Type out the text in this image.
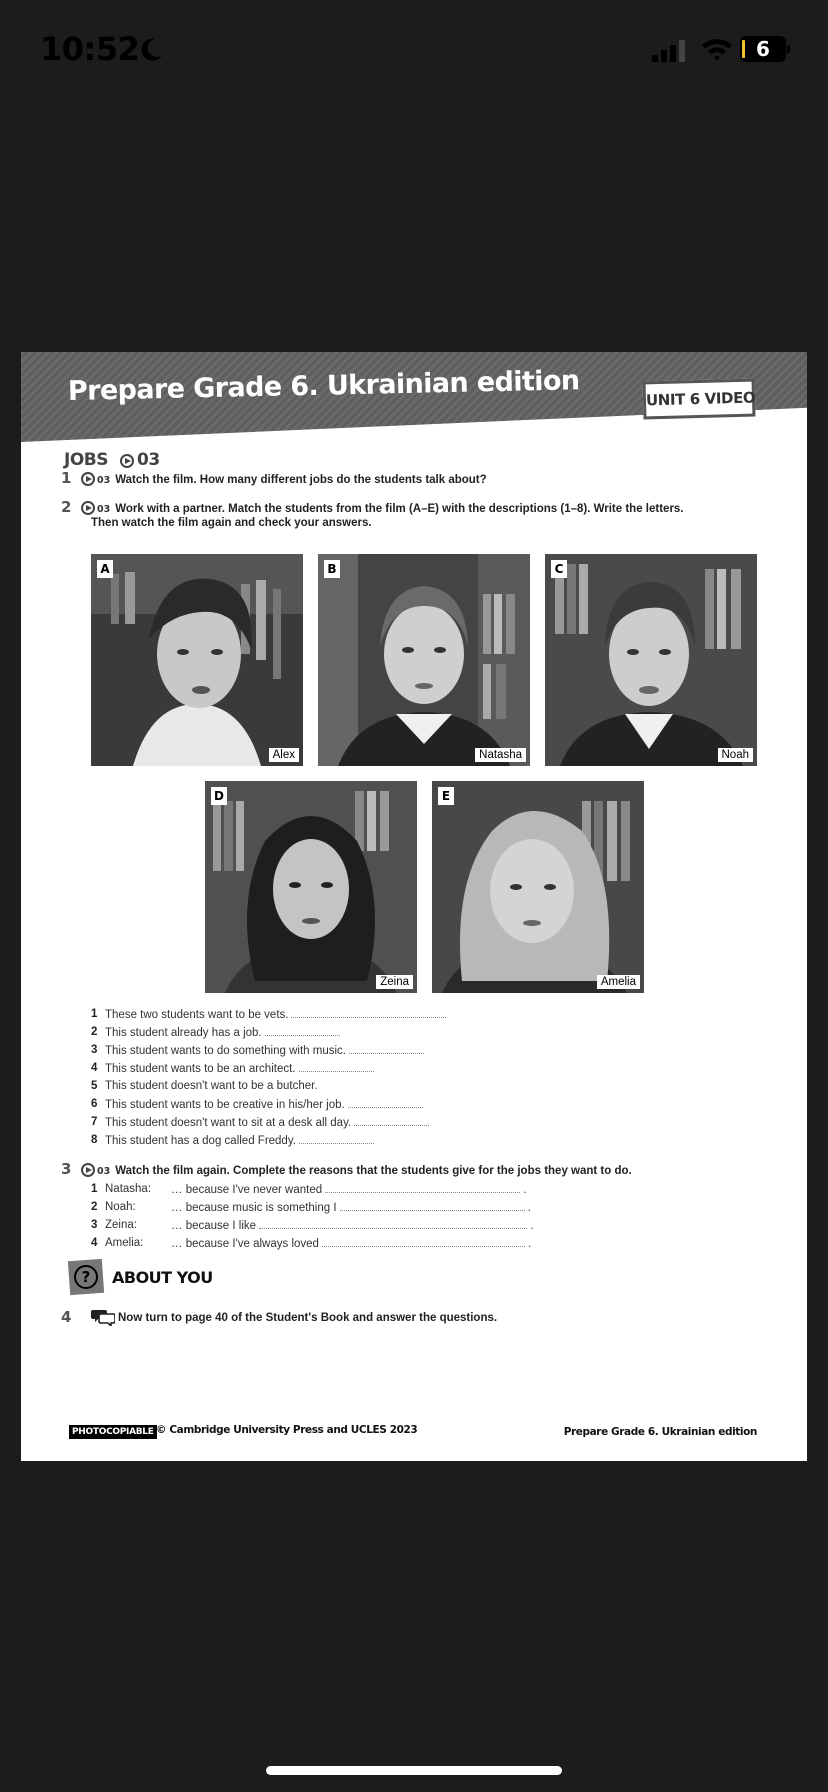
10:52	6
Prepare Grade 6. Ukrainian edition	UNIT 6 VIDEO
JOBS 03
1	03 Watch the film. How many different jobs do the students talk about?
2	03 Work with a partner. Match the students from the film (A–E) with the descriptions (1–8). Write the letters.
Then watch the film again and check your answers.
A
Alex
B
Natasha
C
Noah
D
Zeina
E
Amelia
1 These two students want to be vets.
2 This student already has a job.
3 This student wants to do something with music.
4 This student wants to be an architect.
5 This student doesn't want to be a butcher.
6 This student wants to be creative in his/her job.
7 This student doesn't want to sit at a desk all day.
8 This student has a dog called Freddy.
3	03 Watch the film again. Complete the reasons that the students give for the jobs they want to do.
1 Natasha: … because I've never wanted	.
2 Noah:	… because music is something I	.
3 Zeina:	… because I like	.
4 Amelia: … because I've always loved	.
?	ABOUT YOU
4	Now turn to page 40 of the Student's Book and answer the questions.
PHOTOCOPIABLE © Cambridge University Press and UCLES 2023	Prepare Grade 6. Ukrainian edition
